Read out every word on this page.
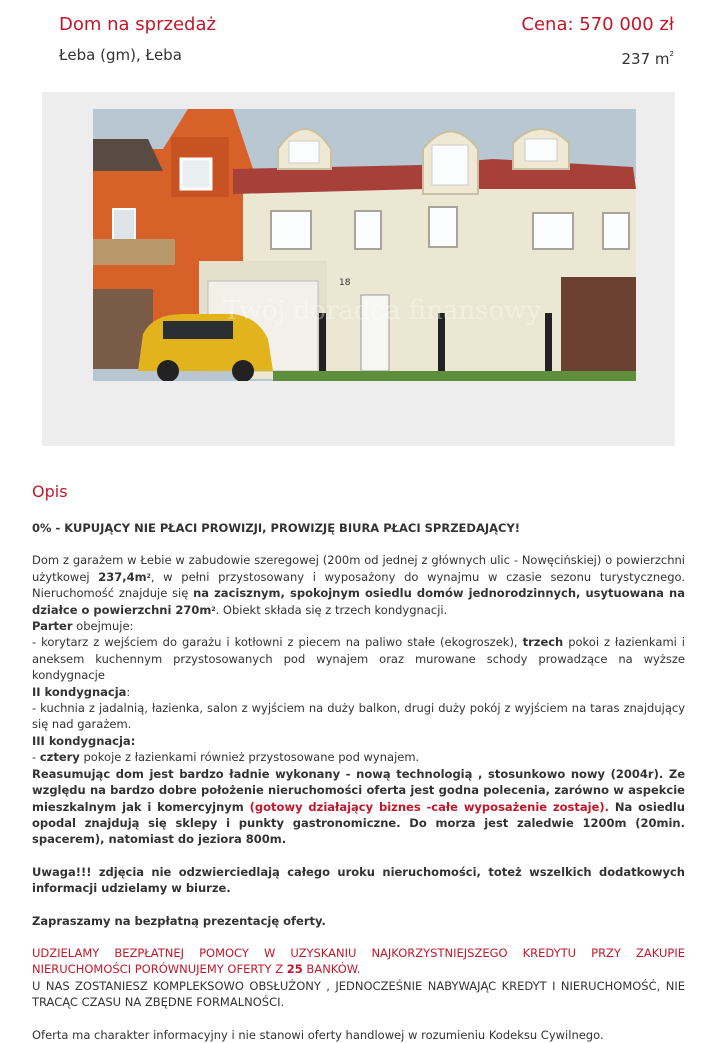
Dom na sprzedaż
Łeba (gm), Łeba
Cena: 570 000 zł
237 $m^2$
18
Twój doradca finansowy
Opis

0% - KUPUJĄCY NIE PŁACI PROWIZJI, PROWIZJĘ BIURA PŁACI SPRZEDAJĄCY!

Dom z garażem w Łebie w zabudowie szeregowej (200m od jednej z głównych ulic - Nowęcińskiej) o powierzchni użytkowej $237,4m^2$, w pełni przystosowany i wyposażony do wynajmu w czasie sezonu turystycznego. Nieruchomość znajduje się na zacisznym, spokojnym osiedlu domów jednorodzinnych, usytuowana na działce o powierzchni $270m^2$. Obiekt składa się z trzech kondygnacji.

Parter obejmuje:

- korytarz z wejściem do garażu i kotłowni z piecem na paliwo stałe (ekogroszek), trzech pokoi z łazienkami i aneksem kuchennym przystosowanych pod wynajem oraz murowane schody prowadzące na wyższe kondygnacje

II kondygnacja:

- kuchnia z jadalnią, łazienka, salon z wyjściem na duży balkon, drugi duży pokój z wyjściem na taras znajdujący się nad garażem.

III kondygnacja:

- cztery pokoje z łazienkami również przystosowane pod wynajem.

Reasumując dom jest bardzo ładnie wykonany - nową technologią , stosunkowo nowy (2004r). Ze względu na bardzo dobre położenie nieruchomości oferta jest godna polecenia, zarówno w aspekcie mieszkalnym jak i komercyjnym (gotowy działający biznes -całe wyposażenie zostaje). Na osiedlu opodal znajdują się sklepy i punkty gastronomiczne. Do morza jest zaledwie 1200m (20min. spacerem), natomiast do jeziora 800m.

Uwaga!!! zdjęcia nie odzwierciedlają całego uroku nieruchomości, toteż wszelkich dodatkowych informacji udzielamy w biurze.

Zapraszamy na bezpłatną prezentację oferty.

UDZIELAMY BEZPŁATNEJ POMOCY W UZYSKANIU NAJKORZYSTNIEJSZEGO KREDYTU PRZY ZAKUPIE NIERUCHOMOŚCI PORÓWNUJEMY OFERTY Z 25 BANKÓW.

U NAS ZOSTANIESZ KOMPLEKSOWO OBSŁUŻONY , JEDNOCZEŚNIE NABYWAJĄC KREDYT I NIERUCHOMOŚĆ, NIE TRACĄC CZASU NA ZBĘDNE FORMALNOŚCI.

Oferta ma charakter informacyjny i nie stanowi oferty handlowej w rozumieniu Kodeksu Cywilnego.
